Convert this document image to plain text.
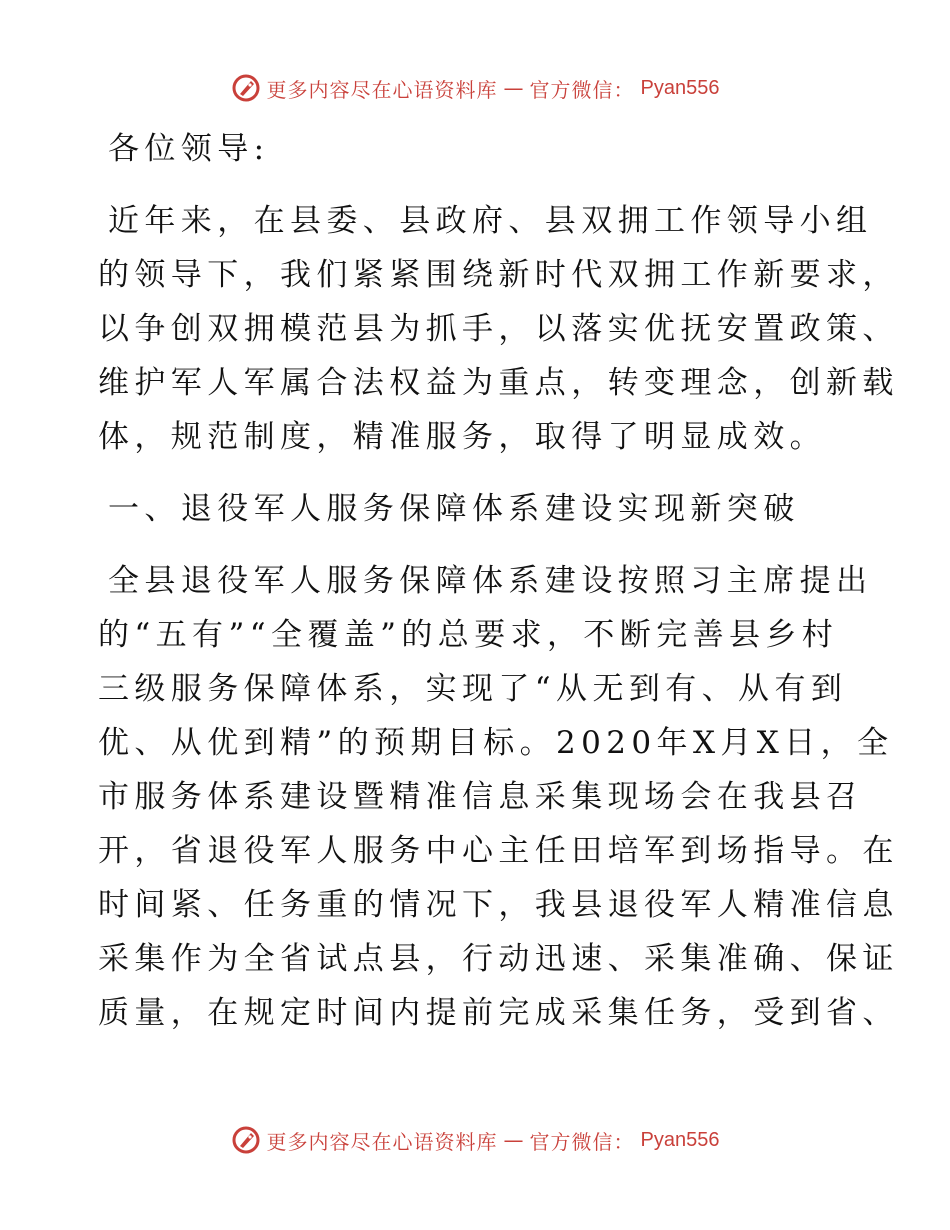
更多内容尽在心语资料库 — 官方微信： Pyan556

各位领导:

近年来，在县委、县政府、县双拥工作领导小组

的领导下，我们紧紧围绕新时代双拥工作新要求，

以争创双拥模范县为抓手，以落实优抚安置政策、

维护军人军属合法权益为重点，转变理念，创新载

体，规范制度，精准服务，取得了明显成效。

一、退役军人服务保障体系建设实现新突破

全县退役军人服务保障体系建设按照习主席提出

的“五有”“全覆盖”的总要求，不断完善县乡村

三级服务保障体系，实现了“从无到有、从有到

优、从优到精”的预期目标。2020年X月X日，全

市服务体系建设暨精准信息采集现场会在我县召

开，省退役军人服务中心主任田培军到场指导。在

时间紧、任务重的情况下，我县退役军人精准信息

采集作为全省试点县，行动迅速、采集准确、保证

质量，在规定时间内提前完成采集任务，受到省、

更多内容尽在心语资料库 — 官方微信： Pyan556
